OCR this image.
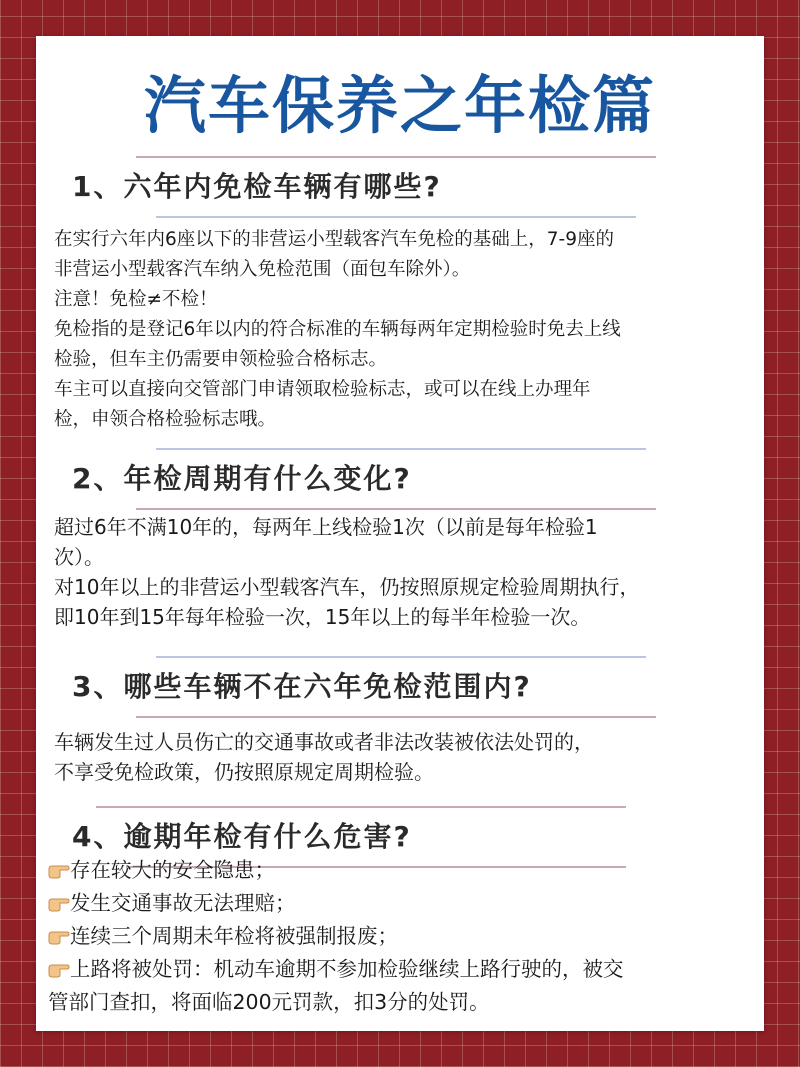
汽车保养之年检篇
1、六年内免检车辆有哪些?

在实行六年内6座以下的非营运小型载客汽车免检的基础上，7-9座的

非营运小型载客汽车纳入免检范围（面包车除外）。

注意！免检≠不检！

免检指的是登记6年以内的符合标准的车辆每两年定期检验时免去上线

检验，但车主仍需要申领检验合格标志。

车主可以直接向交管部门申请领取检验标志，或可以在线上办理年

检，申领合格检验标志哦。

2、年检周期有什么变化?

超过6年不满10年的，每两年上线检验1次（以前是每年检验1

次）。

对10年以上的非营运小型载客汽车，仍按照原规定检验周期执行，

即10年到15年每年检验一次，15年以上的每半年检验一次。

3、哪些车辆不在六年免检范围内?

车辆发生过人员伤亡的交通事故或者非法改装被依法处罚的，

不享受免检政策，仍按照原规定周期检验。

4、逾期年检有什么危害?

存在较大的安全隐患；

发生交通事故无法理赔；

连续三个周期未年检将被强制报废；

上路将被处罚：机动车逾期不参加检验继续上路行驶的，被交

管部门查扣，将面临200元罚款，扣3分的处罚。
